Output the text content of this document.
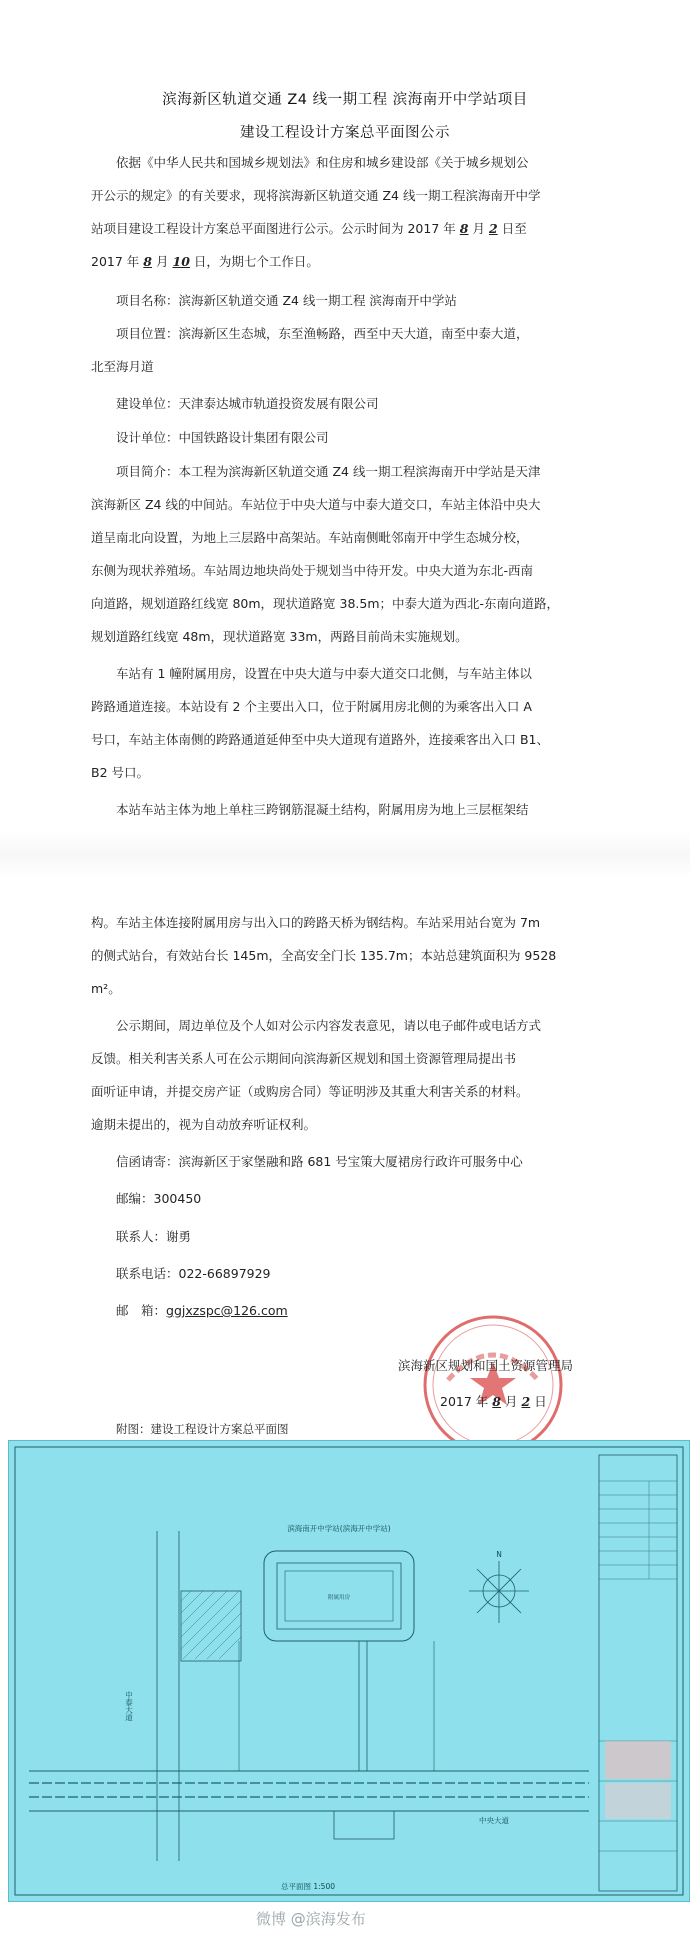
滨海新区轨道交通 Z4 线一期工程 滨海南开中学站项目
建设工程设计方案总平面图公示
依据《中华人民共和国城乡规划法》和住房和城乡建设部《关于城乡规划公
开公示的规定》的有关要求，现将滨海新区轨道交通 Z4 线一期工程滨海南开中学
站项目建设工程设计方案总平面图进行公示。公示时间为 2017 年 8 月 2 日至
2017 年 8 月 10 日，为期七个工作日。
项目名称：滨海新区轨道交通 Z4 线一期工程 滨海南开中学站
项目位置：滨海新区生态城，东至渔畅路，西至中天大道，南至中泰大道，
北至海月道
建设单位：天津泰达城市轨道投资发展有限公司
设计单位：中国铁路设计集团有限公司
项目简介：本工程为滨海新区轨道交通 Z4 线一期工程滨海南开中学站是天津
滨海新区 Z4 线的中间站。车站位于中央大道与中泰大道交口，车站主体沿中央大
道呈南北向设置，为地上三层路中高架站。车站南侧毗邻南开中学生态城分校，
东侧为现状养殖场。车站周边地块尚处于规划当中待开发。中央大道为东北-西南
向道路，规划道路红线宽 80m，现状道路宽 38.5m；中泰大道为西北-东南向道路，
规划道路红线宽 48m，现状道路宽 33m，两路目前尚未实施规划。
车站有 1 幢附属用房，设置在中央大道与中泰大道交口北侧，与车站主体以
跨路通道连接。本站设有 2 个主要出入口，位于附属用房北侧的为乘客出入口 A
号口，车站主体南侧的跨路通道延伸至中央大道现有道路外，连接乘客出入口 B1、
B2 号口。
本站车站主体为地上单柱三跨钢筋混凝土结构，附属用房为地上三层框架结
构。车站主体连接附属用房与出入口的跨路天桥为钢结构。车站采用站台宽为 7m
的侧式站台，有效站台长 145m，全高安全门长 135.7m；本站总建筑面积为 9528
m²。
公示期间，周边单位及个人如对公示内容发表意见，请以电子邮件或电话方式
反馈。相关利害关系人可在公示期间向滨海新区规划和国土资源管理局提出书
面听证申请，并提交房产证（或购房合同）等证明涉及其重大利害关系的材料。
逾期未提出的，视为自动放弃听证权利。
信函请寄：滨海新区于家堡融和路 681 号宝策大厦裙房行政许可服务中心
邮编：300450
联系人：谢勇
联系电话：022-66897929
邮　箱：ggjxzspc@126.com
滨海新区规划和国土资源管理局
2017 年 8 月 2 日
附图：建设工程设计方案总平面图
N
滨海南开中学站(滨海开中学站)
附属用房
中泰大道
中央大道
总平面图 1:500
微博 @滨海发布
